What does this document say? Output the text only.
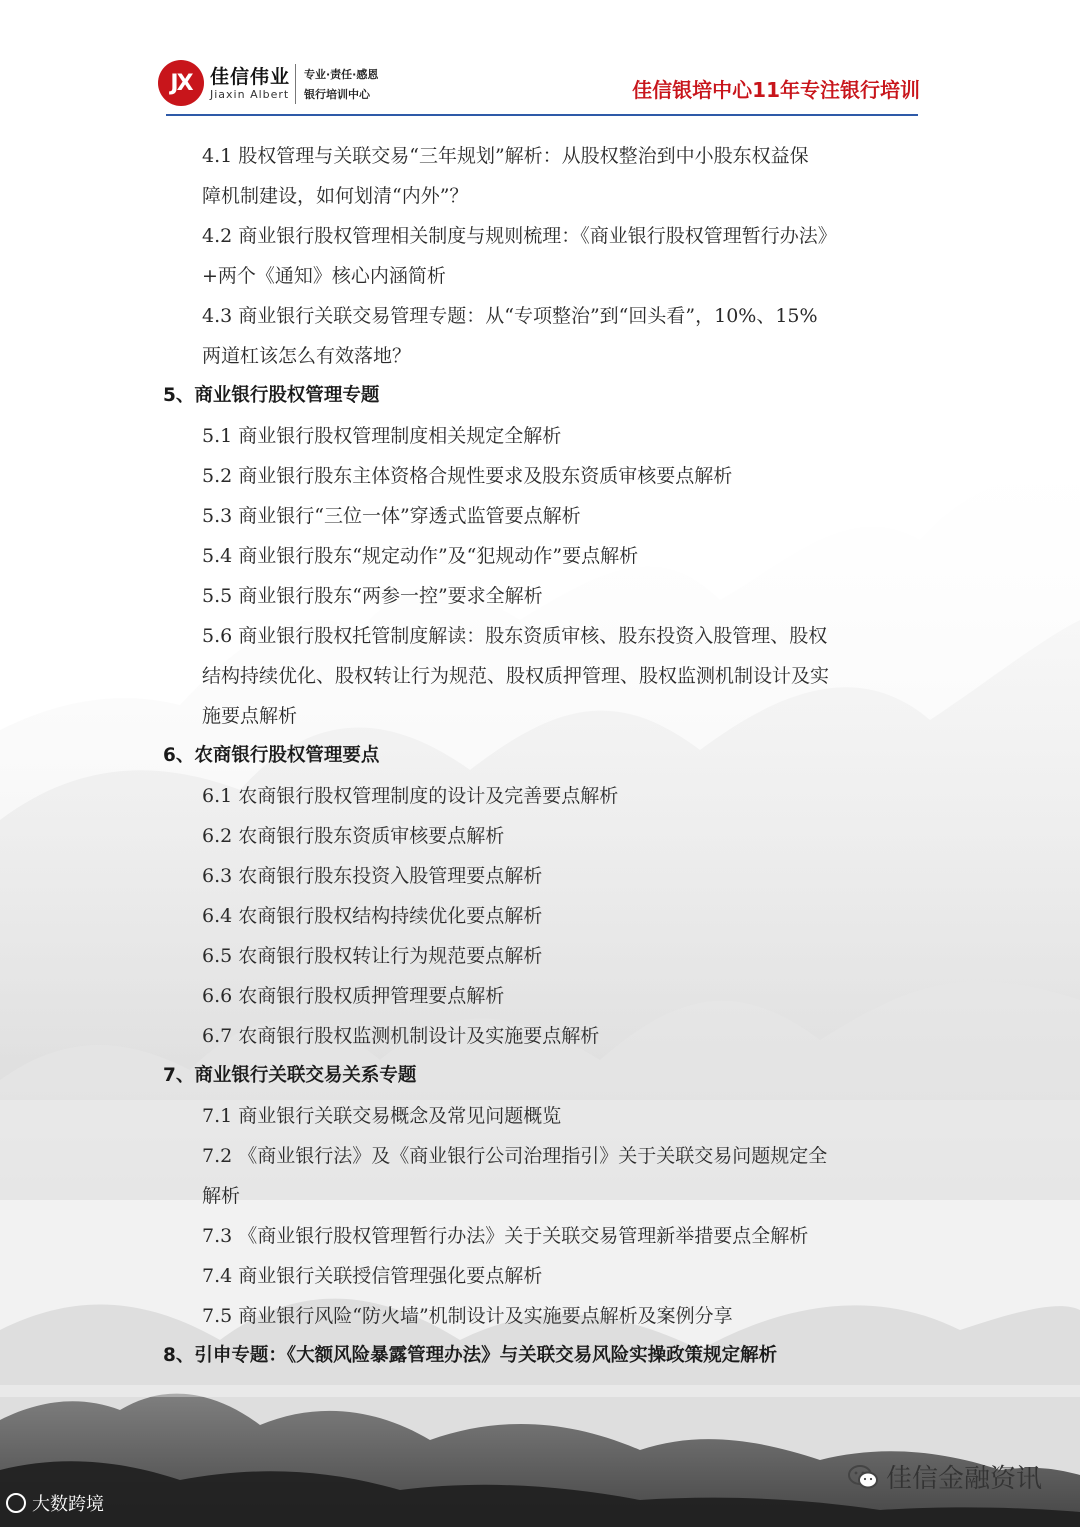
JX 佳信伟业
Jiaxin Albert
专业·责任·感恩
银行培训中心	佳信银培中心11年专注银行培训
4.1 股权管理与关联交易“三年规划”解析：从股权整治到中小股东权益保
障机制建设，如何划清“内外”？
4.2 商业银行股权管理相关制度与规则梳理：《商业银行股权管理暂行办法》
+两个《通知》核心内涵简析
4.3 商业银行关联交易管理专题：从“专项整治”到“回头看”，10%、15%
两道杠该怎么有效落地？
5、商业银行股权管理专题
5.1 商业银行股权管理制度相关规定全解析
5.2 商业银行股东主体资格合规性要求及股东资质审核要点解析
5.3 商业银行“三位一体”穿透式监管要点解析
5.4 商业银行股东“规定动作”及“犯规动作”要点解析
5.5 商业银行股东“两参一控”要求全解析
5.6 商业银行股权托管制度解读：股东资质审核、股东投资入股管理、股权
结构持续优化、股权转让行为规范、股权质押管理、股权监测机制设计及实
施要点解析
6、农商银行股权管理要点
6.1 农商银行股权管理制度的设计及完善要点解析
6.2 农商银行股东资质审核要点解析
6.3 农商银行股东投资入股管理要点解析
6.4 农商银行股权结构持续优化要点解析
6.5 农商银行股权转让行为规范要点解析
6.6 农商银行股权质押管理要点解析
6.7 农商银行股权监测机制设计及实施要点解析
7、商业银行关联交易关系专题
7.1 商业银行关联交易概念及常见问题概览
7.2 《商业银行法》及《商业银行公司治理指引》关于关联交易问题规定全
解析
7.3 《商业银行股权管理暂行办法》关于关联交易管理新举措要点全解析
7.4 商业银行关联授信管理强化要点解析
7.5 商业银行风险“防火墙”机制设计及实施要点解析及案例分享
8、引申专题：《大额风险暴露管理办法》与关联交易风险实操政策规定解析
大数跨境
佳信金融资讯
